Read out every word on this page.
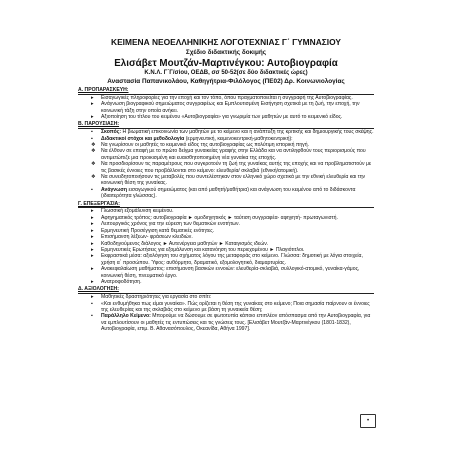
ΚΕΙΜΕΝΑ ΝΕΟΕΛΛΗΝΙΚΗΣ ΛΟΓΟΤΕΧΝΙΑΣ Γ΄ ΓΥΜΝΑΣΙΟΥ
Σχέδιο διδακτικής δοκιμής
Ελισάβετ Μουτζάν-Μαρτινέγκου: Αυτοβιογραφία
Κ.Ν.Λ. Γ΄Γ/σίου, ΟΕΔΒ, σσ 50-52(σε δύο διδακτικές ώρες)
Αναστασία Παπανικολάου, Καθηγήτρια-Φιλόλογος (ΠΕ02) Δρ. Κοινωνιολογίας
Α. ΠΡΟΠΑΡΑΣΚΕΥΗ:
▸ Εισαγωγικές πληροφορίες για την εποχή και τον τόπο, όπου πραγματοποιείται η συγγραφή της Αυτοβιογραφίας.
▸ Ανάγνωση βιογραφικού σημειώματος συγγραφέως και Εμπλουτισμένη Εισήγηση σχετικά με τη ζωή, την εποχή, την κοινωνική τάξη στην οποία ανήκει.
▸ Αξιοποίηση του τίτλου του κειμένου «Αυτοβιογραφία» για γνωριμία των μαθητών με αυτό το κειμενικό είδος.
Β. ΠΑΡΟΥΣΙΑΣΗ:
▪ Σκοπός: Η βιωματική επικοινωνία των μαθητών με το κείμενο και η ανάπτυξη της κριτικής και δημιουργικής τους σκέψης.
▪ Διδακτικοί στόχοι και μεθοδολογία (ερμηνευτική, κειμενοκεντρική-μαθητοκεντρική):
❖ Να γνωρίσουν οι μαθητές το κειμενικό είδος της αυτοβιογραφίας ως πολύτιμη ιστορική πηγή.
❖ Να έλθουν σε επαφή με το πρώτο δείγμα γυναικείας γραφής στην Ελλάδα και να αντιληφθούν τους περιορισμούς που αντιμετώπιζε μια προικισμένη και ευαισθητοποιημένη νέα γυναίκα της εποχής.
❖ Να προσδιορίσουν τις παραμέτρους που συγκροτούν τη ζωή της γυναίκας αυτής της εποχής και να προβληματιστούν με τις βασικές έννοιες που προβάλλονται στο κείμενο: ελευθερία/ σκλαβιά (εθνική/ατομική).
❖ Να συνειδητοποιήσουν τις μεταβολές που συντελέστηκαν στον ελληνικό χώρο σχετικά με την εθνική ελευθερία και την κοινωνική θέση της γυναίκας.
▪ Ανάγνωση εισαγωγικού σημειώματος (και από μαθητή/μαθήτρια) και ανάγνωση του κειμένου από το διδάσκοντα (ιδιαιτερότητα γλώσσας).
Γ. ΕΠΕΞΕΡΓΑΣΙΑ:
▸ Γλωσσική εξομάλυνση κειμένου.
▸ Αφηγηματικός τρόπος: αυτοβιογραφία ► ομοδιηγητικός ► ταύτιση συγγραφέα- αφηγητή- πρωταγωνιστή.
▸ Λειτουργικός χρόνος για την εύρεση των θεματικών ενοτήτων.
▸ Ερμηνευτική Προσέγγιση κατά θεματικές ενότητες.
▸ Επισήμανση λέξεων- φράσεων κλειδιών.
▸ Καθοδηγούμενος διάλογος ► Αυτενέργεια μαθητών ► Καταιγισμός ιδεών.
▸ Ερμηνευτικές Ερωτήσεις για εξομάλυνση και κατανόηση του περιεχομένου ► Πλαγιότιτλοι.
▸ Εκφραστικά μέσα: αξιολόγηση του σχήματος λόγου της μεταφοράς στο κείμενο. Γλώσσα: δημοτική με λόγια στοιχεία, χρήση α΄ προσώπου. Ύφος: αυθόρμητο, δραματικό, εξομολογητικό, διαμαρτυρίας.
▸ Ανακεφαλαίωση μαθήματος: επισήμανση βασικών εννοιών: ελευθερία-σκλαβιά, συλλογικό-ατομικό, γυναίκα-γάμος, κοινωνική θέση, πνευματικό έργο.
▸ Ανατροφοδότηση.
Δ. ΑΞΙΟΛΟΓΗΣΗ:
▸ Μαθητικές δραστηριότητες για εργασία στο σπίτι:
▪ «Και ενθυμήθηκα πως είμαι γυναίκα». Πώς ορίζεται η θέση της γυναίκας στο κείμενο; Ποια σημασία παίρνουν οι έννοιες της ελευθερίας και της σκλαβιάς στο κείμενο με βάση τη γυναικεία θέση;
▪ Παράλληλο Κείμενο: Μπορούμε να δώσουμε σε φωτοτυπία κάποιο επιπλέον απόσπασμα από την Αυτοβιογραφία, για να εμπλουτίσουν οι μαθητές τις εντυπώσεις και τις γνώσεις τους. [Ελισάβετ Μουτζάν-Μαρτινέγκου (1801-1832), Αυτοβιογραφία, επιμ. Β. Αθανασόπουλος, Οκεανίδα, Αθήνα 1997].
•
